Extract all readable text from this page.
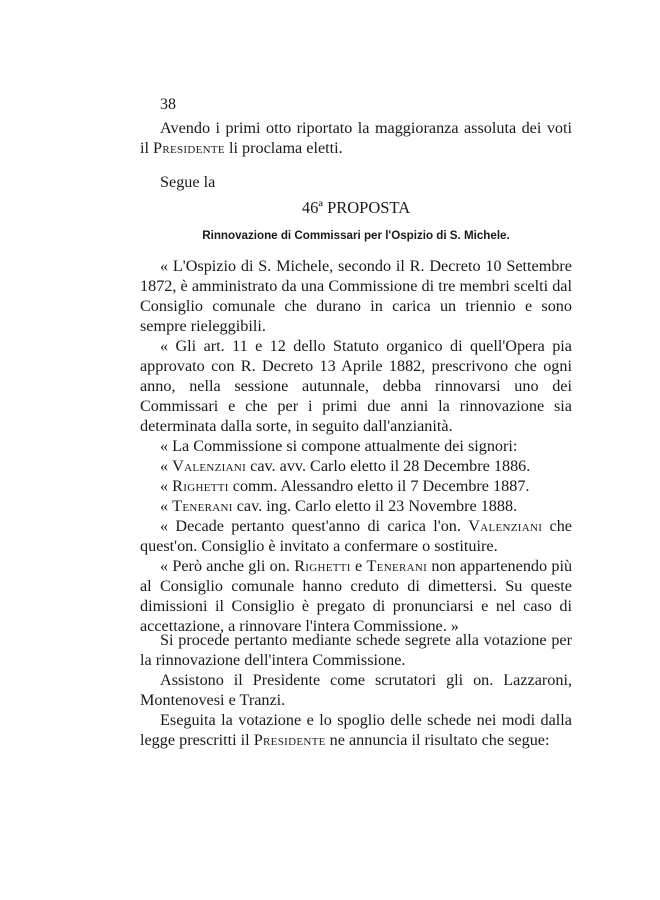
38

Avendo i primi otto riportato la maggioranza assoluta dei voti il Presidente li proclama eletti.

Segue la

46ª PROPOSTA
Rinnovazione di Commissari per l'Ospizio di S. Michele.

« L'Ospizio di S. Michele, secondo il R. Decreto 10 Settembre 1872, è amministrato da una Commissione di tre membri scelti dal Consiglio comunale che durano in carica un triennio e sono sempre rieleggibili.

« Gli art. 11 e 12 dello Statuto organico di quell'Opera pia approvato con R. Decreto 13 Aprile 1882, prescrivono che ogni anno, nella sessione autunnale, debba rinnovarsi uno dei Commissari e che per i primi due anni la rinnovazione sia determinata dalla sorte, in seguito dall'anzianità.

« La Commissione si compone attualmente dei signori:

« Valenziani cav. avv. Carlo eletto il 28 Decembre 1886.

« Righetti comm. Alessandro eletto il 7 Decembre 1887.

« Tenerani cav. ing. Carlo eletto il 23 Novembre 1888.

« Decade pertanto quest'anno di carica l'on. Valenziani che quest'on. Consiglio è invitato a confermare o sostituire.

« Però anche gli on. Righetti e Tenerani non appartenendo più al Consiglio comunale hanno creduto di dimettersi. Su queste dimissioni il Consiglio è pregato di pronunciarsi e nel caso di accettazione, a rinnovare l'intera Commissione. »

Si procede pertanto mediante schede segrete alla votazione per la rinnovazione dell'intera Commissione.

Assistono il Presidente come scrutatori gli on. Lazzaroni, Montenovesi e Tranzi.

Eseguita la votazione e lo spoglio delle schede nei modi dalla legge prescritti il Presidente ne annuncia il risultato che segue:
